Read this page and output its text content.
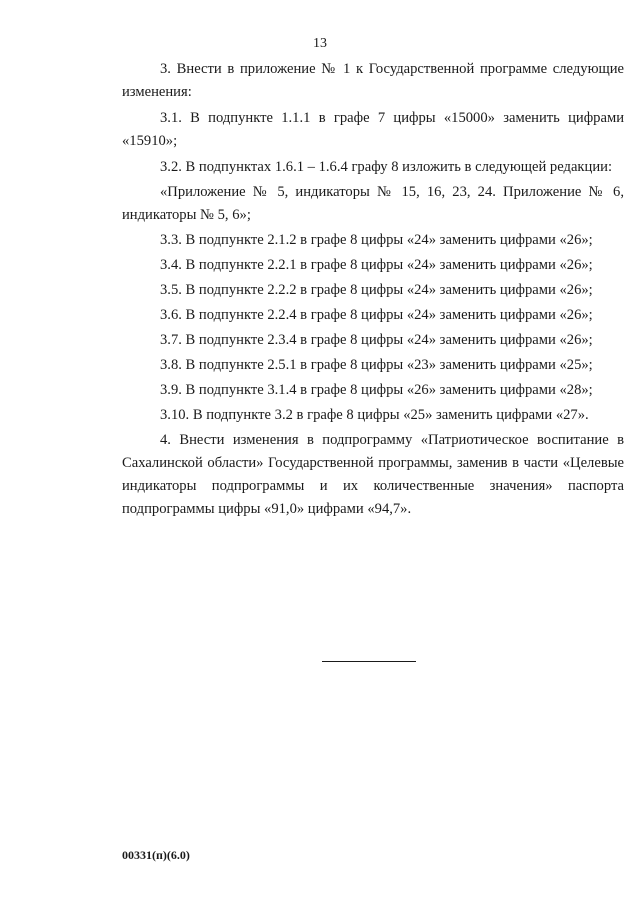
13

3. Внести в приложение № 1 к Государственной программе следующие изменения:

3.1. В подпункте 1.1.1 в графе 7 цифры «15000» заменить цифрами «15910»;

3.2. В подпунктах 1.6.1 – 1.6.4 графу 8 изложить в следующей редакции:

«Приложение № 5, индикаторы № 15, 16, 23, 24. Приложение № 6, индикаторы № 5, 6»;

3.3. В подпункте 2.1.2 в графе 8 цифры «24» заменить цифрами «26»;

3.4. В подпункте 2.2.1 в графе 8 цифры «24» заменить цифрами «26»;

3.5. В подпункте 2.2.2 в графе 8 цифры «24» заменить цифрами «26»;

3.6. В подпункте 2.2.4 в графе 8 цифры «24» заменить цифрами «26»;

3.7. В подпункте 2.3.4 в графе 8 цифры «24» заменить цифрами «26»;

3.8. В подпункте 2.5.1 в графе 8 цифры «23» заменить цифрами «25»;

3.9. В подпункте 3.1.4 в графе 8 цифры «26» заменить цифрами «28»;

3.10. В подпункте 3.2 в графе 8 цифры «25» заменить цифрами «27».

4. Внести изменения в подпрограмму «Патриотическое воспитание в Сахалинской области» Государственной программы, заменив в части «Целевые индикаторы подпрограммы и их количественные значения» паспорта подпрограммы цифры «91,0» цифрами «94,7».

00331(п)(6.0)
